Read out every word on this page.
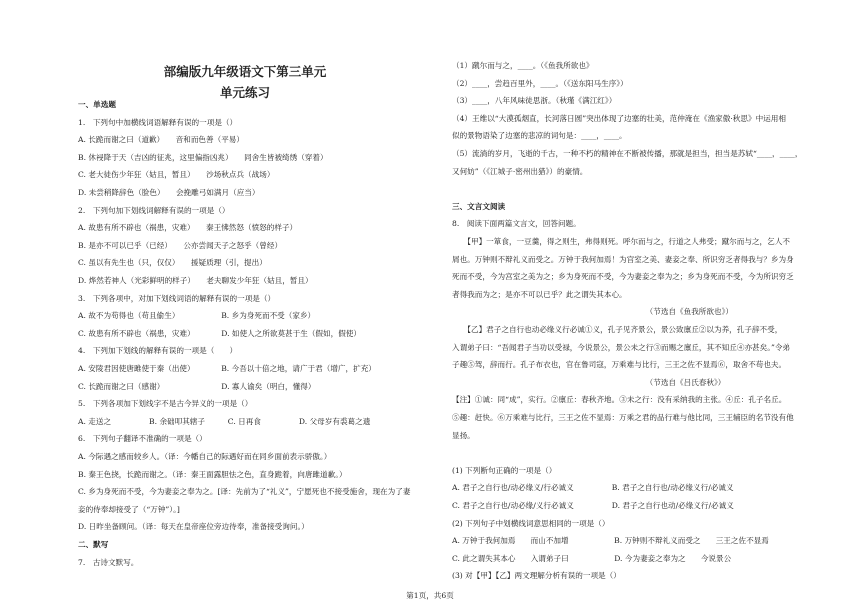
部编版九年级语文下第三单元
单元练习
一、单选题
1.　下列句中加横线词语解释有误的一项是（）
A. 长跪而谢之曰（道歉）　　音和而色善（平易）
B. 休祲降于天（吉凶的征兆，这里偏指凶兆）　　同舍生皆被绮绣（穿着）
C. 老大徒伤少年狂（姑且，暂且）　　沙场秋点兵（战场）
D. 未尝稍降辞色（脸色）　　会挽雕弓如满月（应当）
2.　下列句加下划线词解释有误的一项是（）
A. 故患有所不辟也（祸患，灾难）　　秦王怫然怒（愤怒的样子）
B. 是亦不可以已乎（已经）　　公亦尝闻天子之怒乎（曾经）
C. 虽以有先生也（只，仅仅）　　援疑质理（引，提出）
D. 烨然若神人（光彩鲜明的样子）　　老夫聊发少年狂（姑且，暂且）
3.　下列各项中，对加下划线词语的解释有误的一项是（）
A. 故不为苟得也（苟且偷生）　　　　　　B. 乡为身死而不受（家乡）
C. 故患有所不辟也（祸患，灾难）　　　　D. 如使人之所欲莫甚于生（假如，假使）
4.　下列加下划线的解释有误的一项是（　　）
A. 安陵君因使唐雎使于秦（出使）　　　　B. 今吾以十倍之地，请广于君（增广，扩充）
C. 长跪而谢之曰（感谢）　　　　　　　　D. 寡人谕矣（明白，懂得）
5.　下列各项加下划线字不是古今异义的一项是（）
A. 走送之　　　　　B. 余础叩其辖子　　　C. 日再食　　　　　D. 父母岁有裘葛之遗
6.　下列句子翻译不准确的一项是（）
A. 今际遇之感而较乡人。（译：今幡自己的际遇好而在同乡面前表示骄傲。）
B. 秦王色挠，长跪而谢之。（译：秦王面露胆怯之色，直身跪着，向唐雎道歉。）
C. 乡为身死而不受，今为妻妾之奉为之。[译：先前为了“礼义”，宁愿死也不接受施舍，现在为了妻
妾的侍奉却接受了（“万钟”）。]
D. 日昨坐备顾问。（译：每天在皇帝座位旁边待奉，准备接受询问。）
二、默写
7.　古诗文默写。
（1）蹴尔而与之，____。（《鱼我所欲也》
（2）____，尝趋百里外，____。（《送东阳马生序》）
（3）____，八年风味徒思浙。（秋瑾《满江红》）
（4）王维以“大漠孤烟直，长河落日圆”突出体现了边塞的壮美，范仲淹在《渔家傲·秋思》中运用相
似的景物语染了边塞的悲凉的词句是：____，____。
（5）流淌的岁月，飞逝的千古，一种不朽的精神在不断被传播，那就是担当，担当是苏轼“____，____，
又何妨”（《江城子·密州出猎》）的豪情。
三、文言文阅读
8.　阅读下面两篇文言文，回答问题。
　　【甲】一箪食，一豆羹，得之则生，弗得则死。呼尔而与之，行道之人弗受；蹴尔而与之，乞人不
屑也。万钟则不辩礼义而受之。万钟于我何加焉！为宫室之美、妻妾之奉、所识穷乏者得我与？乡为身
死而不受，今为宫室之美为之；乡为身死而不受，今为妻妾之奉为之；乡为身死而不受，今为所识穷乏
者得我而为之；是亦不可以已乎？此之谓失其本心。
　　　　　　　　　　　　　　　　　　　　　　　　　　（节选自《鱼我所欲也》）
　　【乙】君子之自行也动必缘义行必诚①义，孔子见齐景公，景公致廪丘②以为养，孔子辞不受，
入谓弟子曰：“吾闻君子当功以受禄，今说景公，景公未之行③而赐之廪丘，其不知丘④亦甚矣。”令弟
子趣⑤驾，辞而行。孔子布衣也，官在鲁司寇，万乘难与比行，三王之佐不显焉⑥，取舍不苟也夫。
　　　　　　　　　　　　　　　　　　　　　　　　　　（节选自《吕氏春秋》）
【注】①诚：同“成”，实行。②廪丘：春秋齐地。③未之行：没有采纳我的主张。④丘：孔子名丘。
⑤趣：赶快。⑥万乘难与比行，三王之佐不显焉：万乘之君的品行难与他比同，三王辅臣的名节没有他
显扬。
(1) 下列断句正确的一项是（）
A. 君子之自行也/动必缘义/行必诚义　　　　　B. 君子之自行也/动必缘义行/必诚义
C. 君子之自行也/动必缘/义行必诚义　　　　　D. 君子之自行也动/必缘义行/必诚义
(2) 下列句子中划横线词意思相同的一项是（）
A. 万钟于我何加焉　　而山不加增　　　　　　B. 万钟则不辩礼义而受之　　三王之佐不显焉
C. 此之谓失其本心　　入谓弟子曰　　　　　　D. 今为妻妾之奉为之　　今说景公
(3) 对【甲】【乙】两文理解分析有误的一项是（）
第1页，共6页
